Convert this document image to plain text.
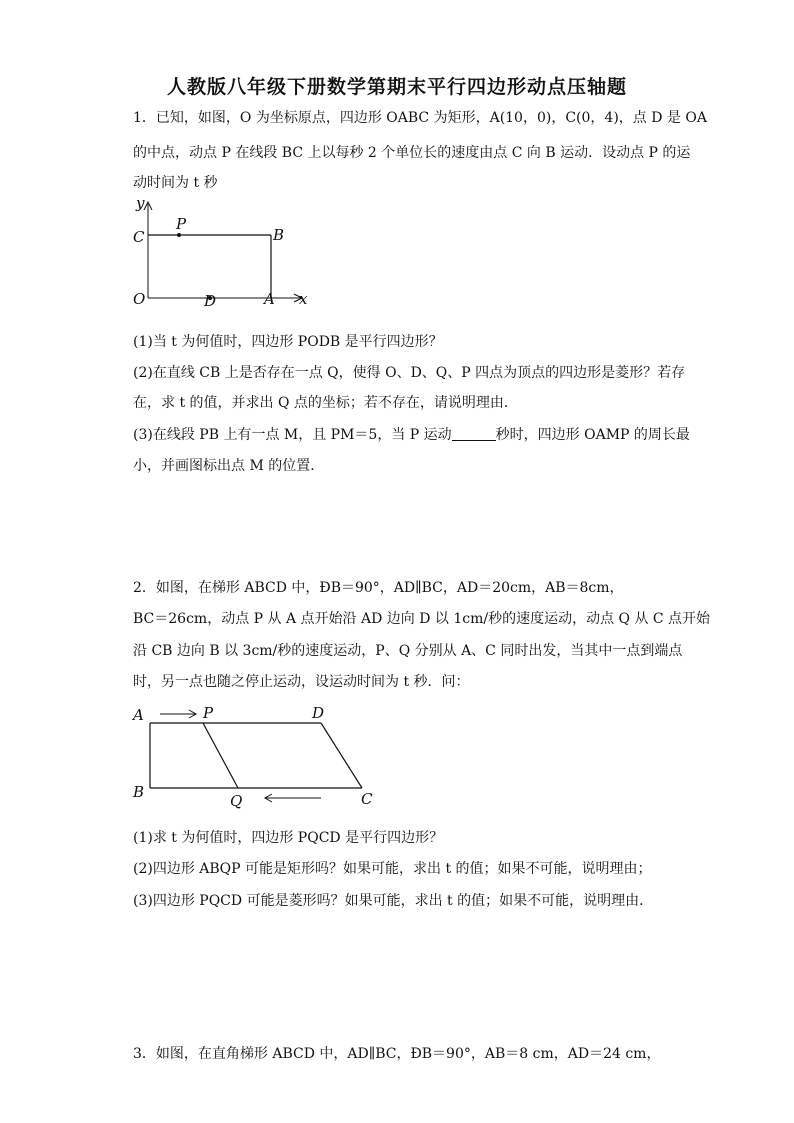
人教版八年级下册数学第期末平行四边形动点压轴题
1．已知，如图，O 为坐标原点，四边形 OABC 为矩形，A(10，0)，C(0，4)，点 D 是 OA
的中点，动点 P 在线段 BC 上以每秒 2 个单位长的速度由点 C 向 B 运动．设动点 P 的运
动时间为 t 秒
y
x
C
P
B
O	D	A
(1)当 t 为何值时，四边形 PODB 是平行四边形？
(2)在直线 CB 上是否存在一点 Q，使得 O、D、Q、P 四点为顶点的四边形是菱形？若存
在，求 t 的值，并求出 Q 点的坐标；若不存在，请说明理由．
(3)在线段 PB 上有一点 M，且 PM＝5，当 P 运动	秒时，四边形 OAMP 的周长最
小，并画图标出点 M 的位置．
2．如图，在梯形 ABCD 中，ÐB＝90°，AD∥BC，AD＝20cm，AB＝8cm，
BC＝26cm，动点 P 从 A 点开始沿 AD 边向 D 以 1cm/秒的速度运动，动点 Q 从 C 点开始
沿 CB 边向 B 以 3cm/秒的速度运动，P、Q 分别从 A、C 同时出发，当其中一点到端点
时，另一点也随之停止运动，设运动时间为 t 秒．问：
A	P	D
B	Q	C
(1)求 t 为何值时，四边形 PQCD 是平行四边形？
(2)四边形 ABQP 可能是矩形吗？如果可能，求出 t 的值；如果不可能，说明理由；
(3)四边形 PQCD 可能是菱形吗？如果可能，求出 t 的值；如果不可能，说明理由．
3．如图，在直角梯形 ABCD 中，AD∥BC，ÐB＝90°，AB＝8 cm，AD＝24 cm，
